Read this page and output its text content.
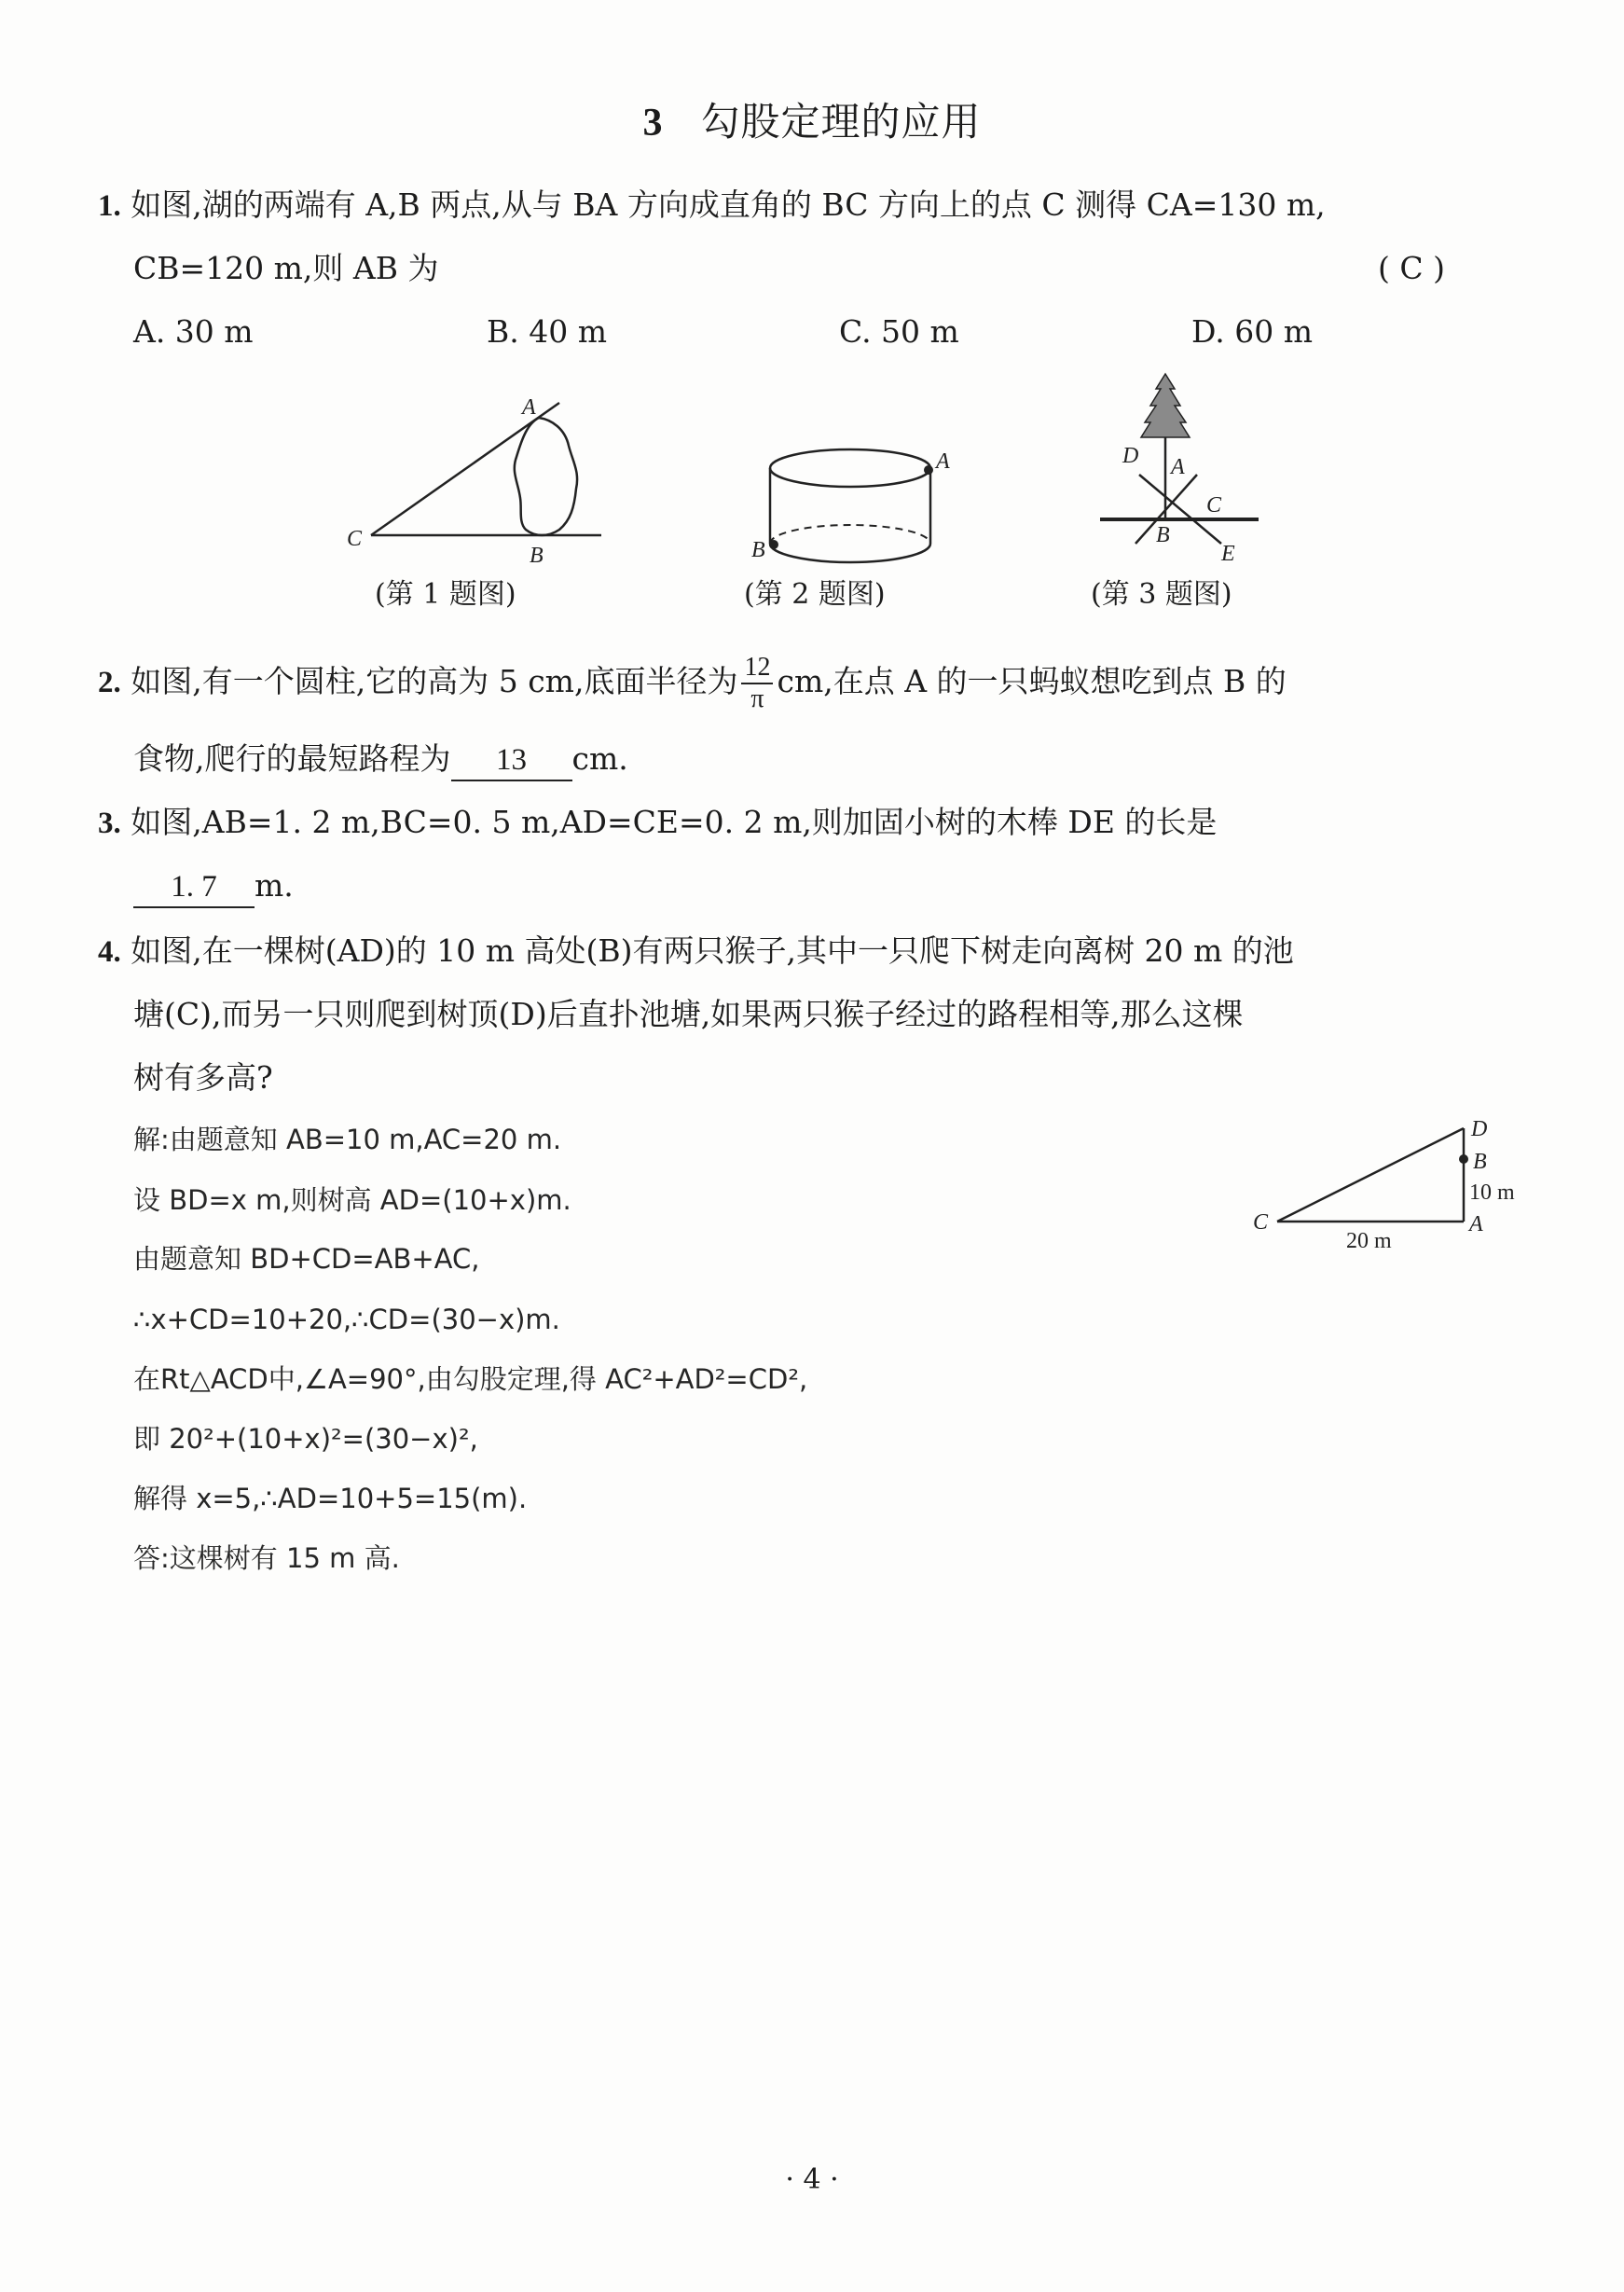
3 勾股定理的应用
1. 如图,湖的两端有 A,B 两点,从与 BA 方向成直角的 BC 方向上的点 C 测得 CA=130 m,
CB=120 m,则 AB 为	( C )
A. 30 m	B. 40 m	C. 50 m	D. 60 m
A
B
C
(第 1 题图)
A
B
(第 2 题图)
D A
C
B
E
(第 3 题图)
2. 如图,有一个圆柱,它的高为 5 cm,底面半径为 $\frac{12}{\pi}$ cm,在点 A 的一只蚂蚁想吃到点 B 的
食物,爬行的最短路程为 13 cm.
3. 如图,AB=1. 2 m,BC=0. 5 m,AD=CE=0. 2 m,则加固小树的木棒 DE 的长是
1. 7 m.
4. 如图,在一棵树(AD)的 10 m 高处(B)有两只猴子,其中一只爬下树走向离树 20 m 的池
塘(C),而另一只则爬到树顶(D)后直扑池塘,如果两只猴子经过的路程相等,那么这棵
树有多高?
解:由题意知 AB=10 m,AC=20 m.
设 BD=x m,则树高 AD=(10+x)m.
由题意知 BD+CD=AB+AC,
∴x+CD=10+20,∴CD=(30−x)m.
在Rt△ACD中,∠A=90°,由勾股定理,得 AC²+AD²=CD²,
即 20²+(10+x)²=(30−x)²,
解得 x=5,∴AD=10+5=15(m).
答:这棵树有 15 m 高.
D
B
10 m
C
20 m
A
· 4 ·
